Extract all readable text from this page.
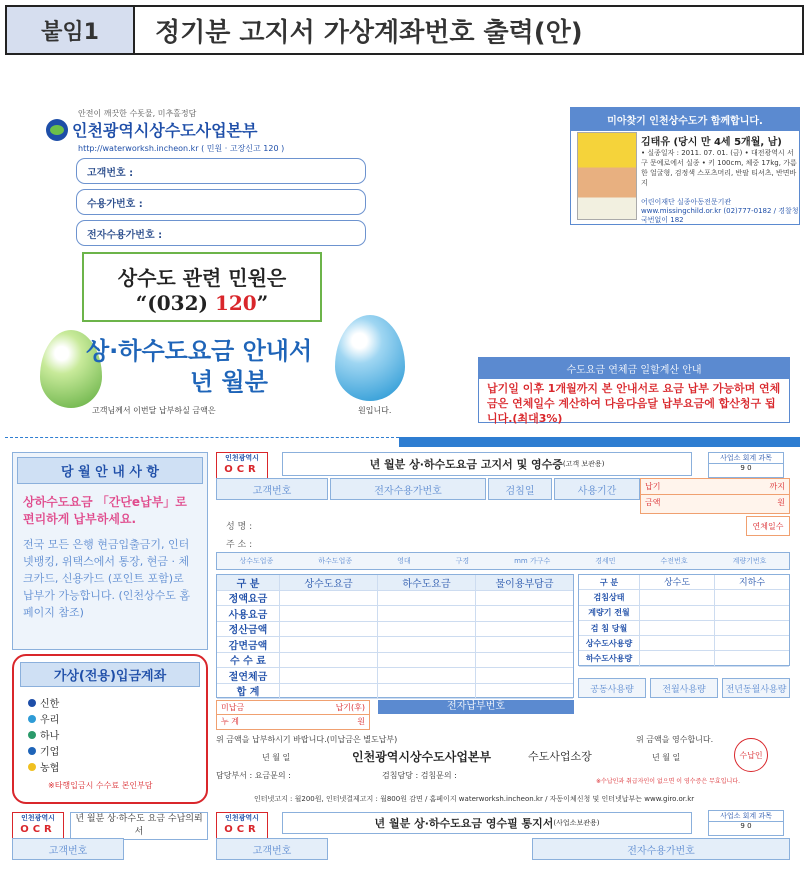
붙임1	정기분 고지서 가상계좌번호 출력(안)
안전이 깨끗한 수돗물, 미추홀정담
인천광역시상수도사업본부
http://waterworksh.incheon.kr ( 민원 · 고장신고 120 )
고객번호 :
수용가번호 :
전자수용가번호 :
상수도 관련 민원은
“(032) 120”
상·하수도요금 안내서
년 월분
고객님께서 이번달 납부하실 금액은	원입니다.
미아찾기 인천상수도가 함께합니다.
김태유 (당시 만 4세 5개월, 남)
• 실종일자 : 2011. 07. 01. (금) • 대전광역시 서구 문예로에서 실종 • 키 100cm, 체중 17kg, 가름한 얼굴형, 검정색 스포츠머리, 반팔 티셔츠, 반면바지
어린이재단 실종아동전문기관 www.missingchild.or.kr (02)777-0182 / 경찰청 국번없이 182
수도요금 연체금 일할계산 안내
납기일 이후 1개월까지 본 안내서로 요금 납부 가능하며 연체금은 연체일수 계산하여 다음다음달 납부요금에 합산청구 됩니다.(최대3%)
당 월 안 내 사 항
상하수도요금 「간단e납부」로 편리하게 납부하세요.
전국 모든 은행 현금입출금기, 인터넷뱅킹, 위택스에서 통장, 현금 · 체크카드, 신용카드 (포인트 포함)로 납부가 가능합니다. (인천상수도 홈페이지 참조)
가상(전용)입금계좌
신한
우리
하나
기업
농협
※타행입금시 수수료 본인부담
인천광역시
OCR	년 월분 상·하수도요금 고지서 및 영수증 (고객 보관용)
사업소 회계 과목
9 0
고객번호	전자수용가번호	검침일	사용기간	납기	까지
금액	원
성 명 :
주 소 :
연체일수
상수도업종	하수도업종	영대	구경	mm 가구수	경세민	수전번호	계량기번호
구 분	상수도요금	하수도요금	물이용부담금
정액요금
사용요금
정산금액
감면금액
수 수 료
절연체금
합 계
구 분	상수도	지하수
검침상태
계량기 전월
검 침 당월
상수도사용량
하수도사용량
공동사용량	전월사용량	전년동월사용량
미납금	납기(후)
누 계	원
전자납부번호
위 금액을 납부하시기 바랍니다.(미납금은 별도납부)	위 금액을 영수합니다.
년 월 일	년 월 일
인천광역시상수도사업본부	수도사업소장	수납인
담당부서 : 요금문의 :	검침담당 : 검침문의 :
※수납인과 취급자인이 없으면 이 영수증은 무효입니다.
인터넷고지 : 월200원, 인터넷결제고지 : 월800원 감면 / 홈페이지 waterworksh.incheon.kr / 자동이체신청 및 인터넷납부는 www.giro.or.kr
인천광역시
OCR
년 월분 상·하수도 요금 수납의뢰서
인천광역시
OCR	년 월분 상·하수도요금 영수필 통지서 (사업소보관용)
사업소 회계 과목
9 0
고객번호	고객번호	전자수용가번호
